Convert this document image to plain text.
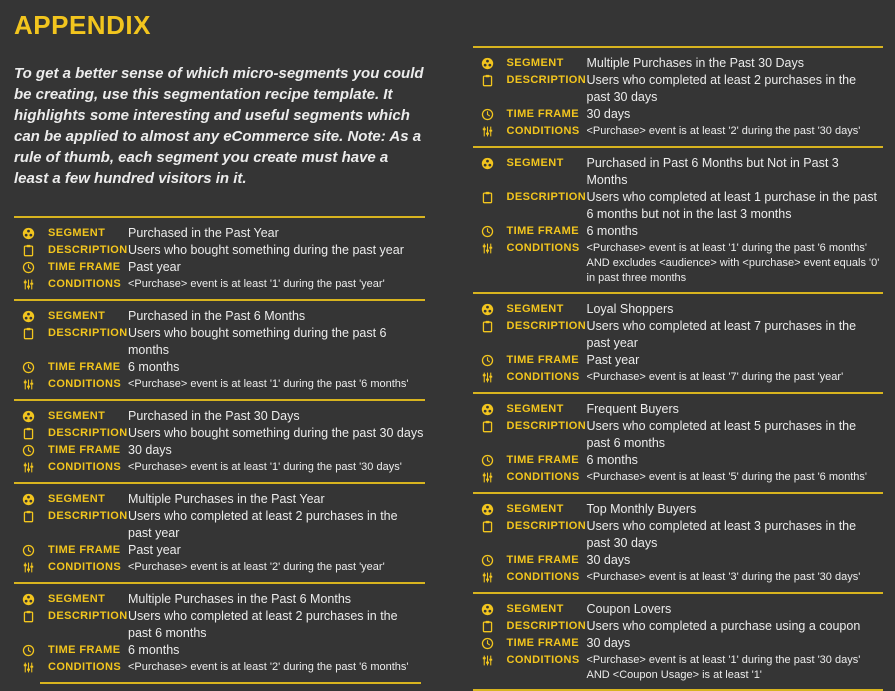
APPENDIX

To get a better sense of which micro-segments you could be creating, use this segmentation recipe template. It highlights some interesting and useful segments which can be applied to almost any eCommerce site. Note: As a rule of thumb, each segment you create must have a least a few hundred visitors in it.

SEGMENT	Purchased in the Past Year
DESCRIPTION Users who bought something during the past year
TIME FRAME Past year
CONDITIONS <Purchase> event is at least '1' during the past 'year'
SEGMENT	Purchased in the Past 6 Months
DESCRIPTION Users who bought something during the past 6 months
TIME FRAME 6 months
CONDITIONS <Purchase> event is at least '1' during the past '6 months'
SEGMENT	Purchased in the Past 30 Days
DESCRIPTION Users who bought something during the past 30 days
TIME FRAME 30 days
CONDITIONS <Purchase> event is at least '1' during the past '30 days'
SEGMENT	Multiple Purchases in the Past Year
DESCRIPTION Users who completed at least 2 purchases in the past year
TIME FRAME Past year
CONDITIONS <Purchase> event is at least '2' during the past 'year'
SEGMENT	Multiple Purchases in the Past 6 Months
DESCRIPTION Users who completed at least 2 purchases in the past 6 months
TIME FRAME 6 months
CONDITIONS <Purchase> event is at least '2' during the past '6 months'
SEGMENT	Multiple Purchases in the Past 30 Days
DESCRIPTION Users who completed at least 2 purchases in the past 30 days
TIME FRAME 30 days
CONDITIONS <Purchase> event is at least '2' during the past '30 days'
SEGMENT	Purchased in Past 6 Months but Not in Past 3 Months
DESCRIPTION Users who completed at least 1 purchase in the past 6 months but not in the last 3 months
TIME FRAME 6 months
CONDITIONS <Purchase> event is at least '1' during the past '6 months' AND excludes <audience> with <purchase> event equals '0' in past three months
SEGMENT	Loyal Shoppers
DESCRIPTION Users who completed at least 7 purchases in the past year
TIME FRAME Past year
CONDITIONS <Purchase> event is at least '7' during the past 'year'
SEGMENT	Frequent Buyers
DESCRIPTION Users who completed at least 5 purchases in the past 6 months
TIME FRAME 6 months
CONDITIONS <Purchase> event is at least '5' during the past '6 months'
SEGMENT	Top Monthly Buyers
DESCRIPTION Users who completed at least 3 purchases in the past 30 days
TIME FRAME 30 days
CONDITIONS <Purchase> event is at least '3' during the past '30 days'
SEGMENT	Coupon Lovers
DESCRIPTION Users who completed a purchase using a coupon
TIME FRAME 30 days
CONDITIONS <Purchase> event is at least '1' during the past '30 days' AND <Coupon Usage> is at least '1'
